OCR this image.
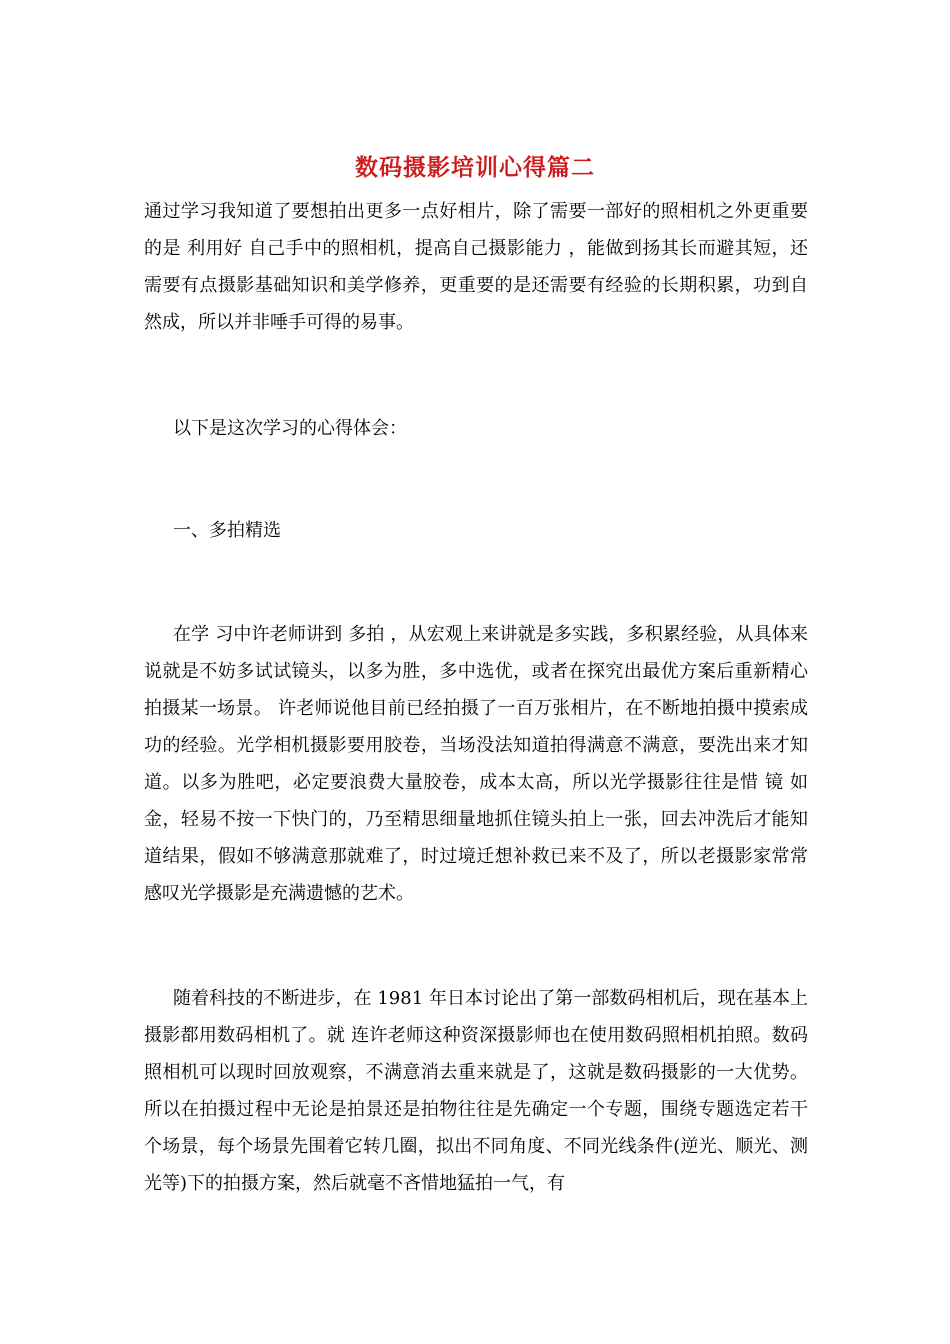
数码摄影培训心得篇二

通过学习我知道了要想拍出更多一点好相片，除了需要一部好的照相机之外更重要的是 利用好 自己手中的照相机，提高自己摄影能力 ，能做到扬其长而避其短，还需要有点摄影基础知识和美学修养，更重要的是还需要有经验的长期积累，功到自然成，所以并非唾手可得的易事。

以下是这次学习的心得体会：

一、多拍精选

在学 习中许老师讲到 多拍 ，从宏观上来讲就是多实践，多积累经验，从具体来说就是不妨多试试镜头，以多为胜，多中选优，或者在探究出最优方案后重新精心拍摄某一场景。 许老师说他目前已经拍摄了一百万张相片，在不断地拍摄中摸索成功的经验。光学相机摄影要用胶卷，当场没法知道拍得满意不满意，要洗出来才知道。以多为胜吧，必定要浪费大量胶卷，成本太高，所以光学摄影往往是惜 镜 如金，轻易不按一下快门的，乃至精思细量地抓住镜头拍上一张，回去冲洗后才能知道结果，假如不够满意那就难了，时过境迁想补救已来不及了，所以老摄影家常常感叹光学摄影是充满遗憾的艺术。

随着科技的不断进步，在 1981 年日本讨论出了第一部数码相机后，现在基本上摄影都用数码相机了。就 连许老师这种资深摄影师也在使用数码照相机拍照。数码照相机可以现时回放观察，不满意消去重来就是了，这就是数码摄影的一大优势。所以在拍摄过程中无论是拍景还是拍物往往是先确定一个专题，围绕专题选定若干个场景，每个场景先围着它转几圈，拟出不同角度、不同光线条件(逆光、顺光、测光等)下的拍摄方案，然后就毫不吝惜地猛拍一气，有
